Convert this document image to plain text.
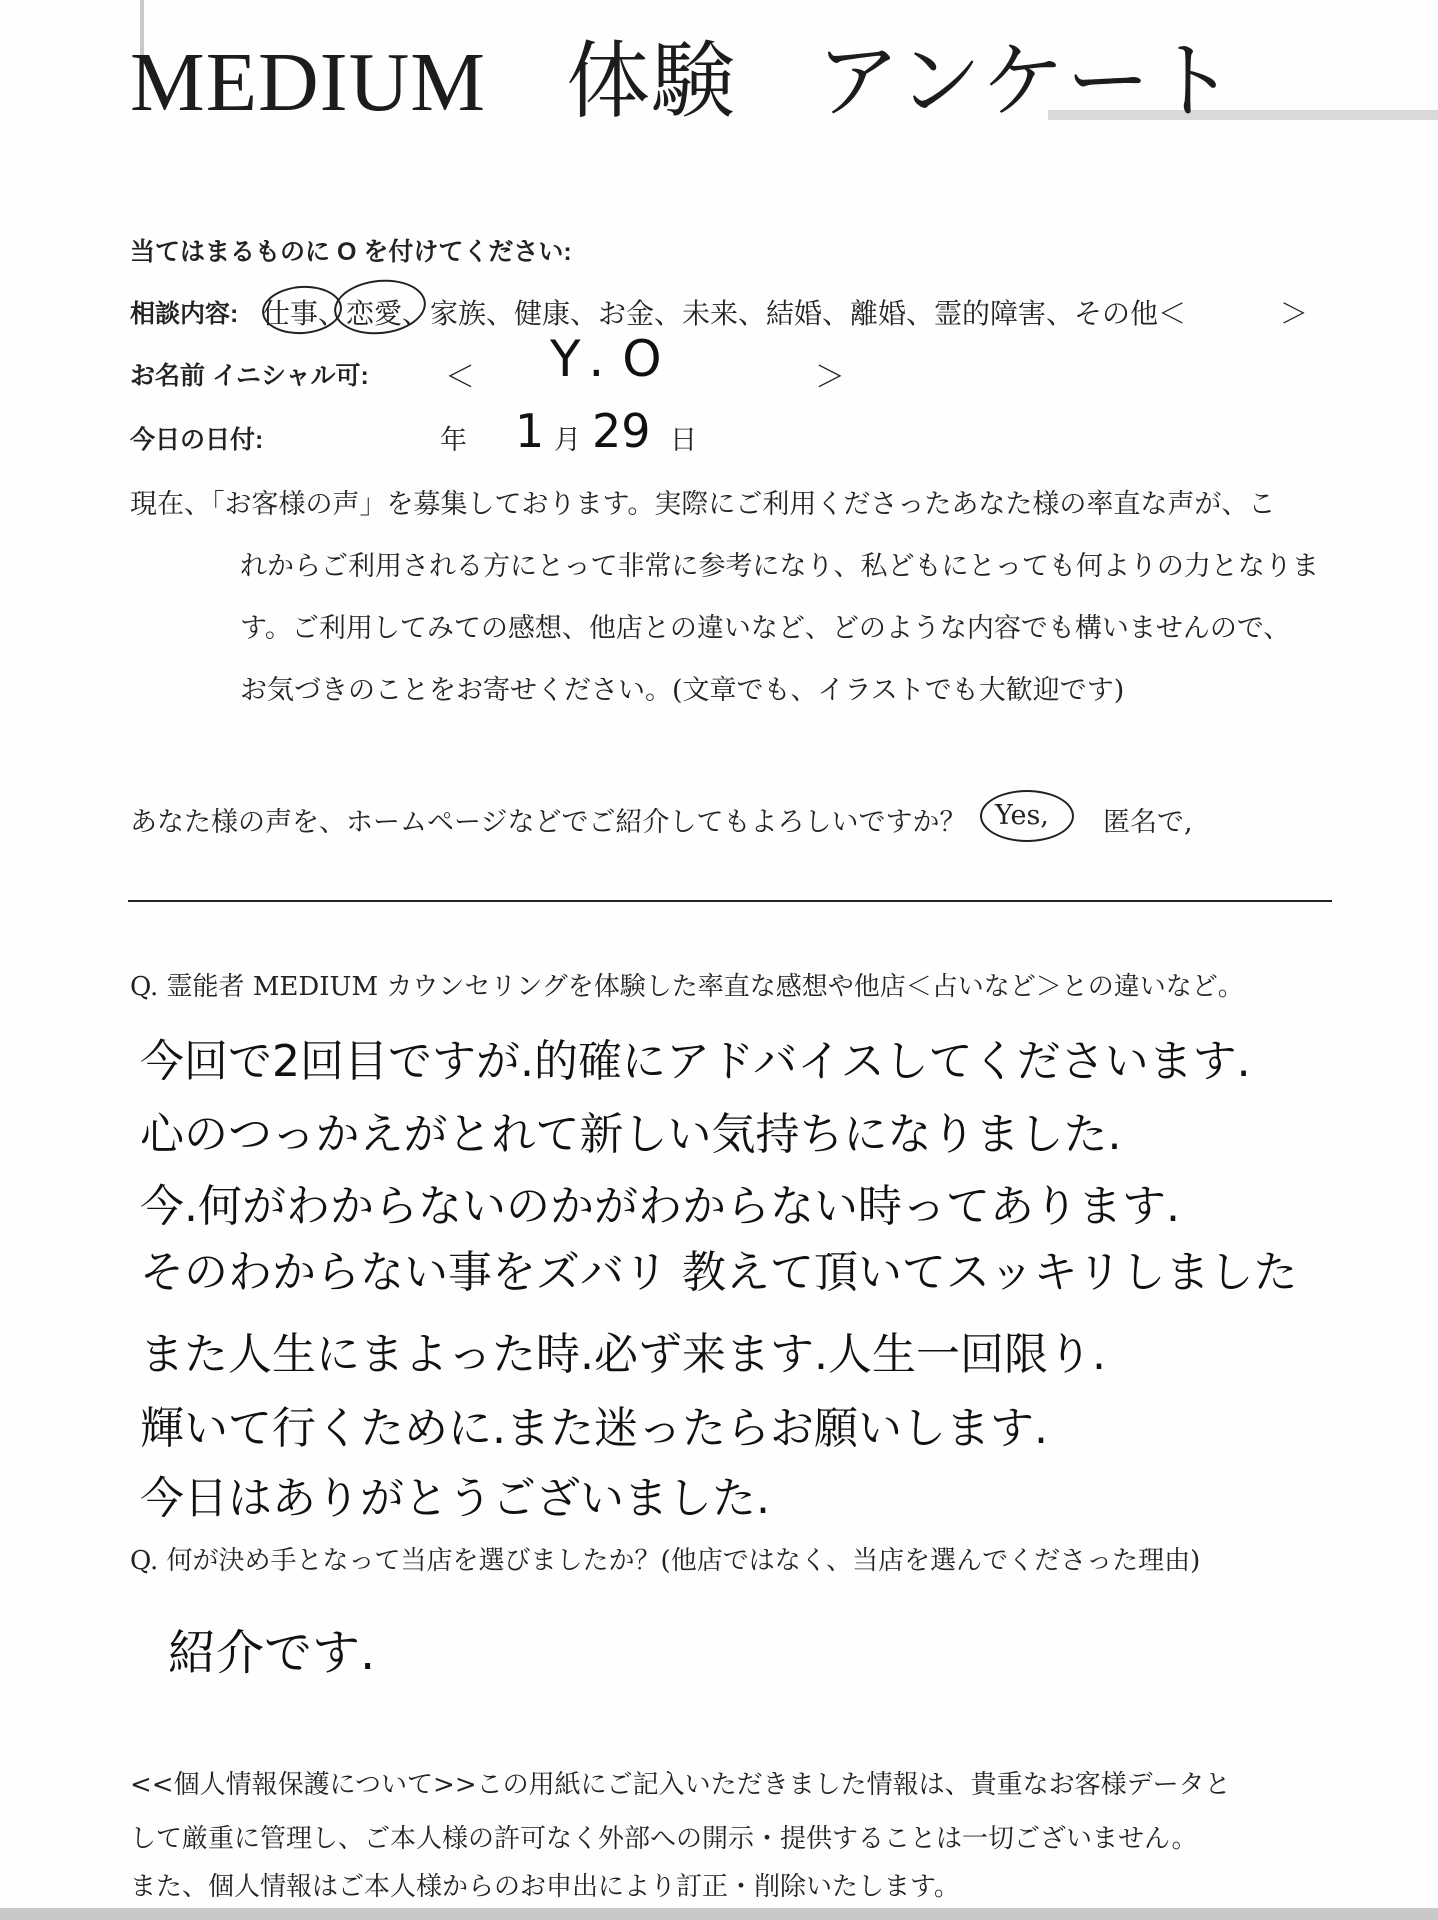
MEDIUM 体験 アンケート
当てはまるものに O を付けてください:
相談内容: 仕事、恋愛、家族、健康、お金、未来、結婚、離婚、霊的障害、その他＜	＞
お名前 イニシャル可:	＜ Y.O	＞
今日の日付:	年 1 月 29 日
現在、「お客様の声」を募集しております。実際にご利用くださったあなた様の率直な声が、こ
れからご利用される方にとって非常に参考になり、私どもにとっても何よりの力となりま
す。ご利用してみての感想、他店との違いなど、どのような内容でも構いませんので、
お気づきのことをお寄せください。(文章でも、イラストでも大歓迎です)
あなた様の声を、ホームページなどでご紹介してもよろしいですか？ Yes, 匿名で,
Q. 霊能者 MEDIUM カウンセリングを体験した率直な感想や他店＜占いなど＞との違いなど。
今回で2回目ですが.的確にアドバイスしてくださいます.
心のつっかえがとれて新しい気持ちになりました.
今.何がわからないのかがわからない時ってあります.
そのわからない事をズバリ 教えて頂いてスッキリしました
また人生にまよった時.必ず来ます.人生一回限り.
輝いて行くために.また迷ったらお願いします.
今日はありがとうございました.
Q. 何が決め手となって当店を選びましたか？(他店ではなく、当店を選んでくださった理由)
紹介です.
<<個人情報保護について>>この用紙にご記入いただきました情報は、貴重なお客様データと
して厳重に管理し、ご本人様の許可なく外部への開示・提供することは一切ございません。
また、個人情報はご本人様からのお申出により訂正・削除いたします。
